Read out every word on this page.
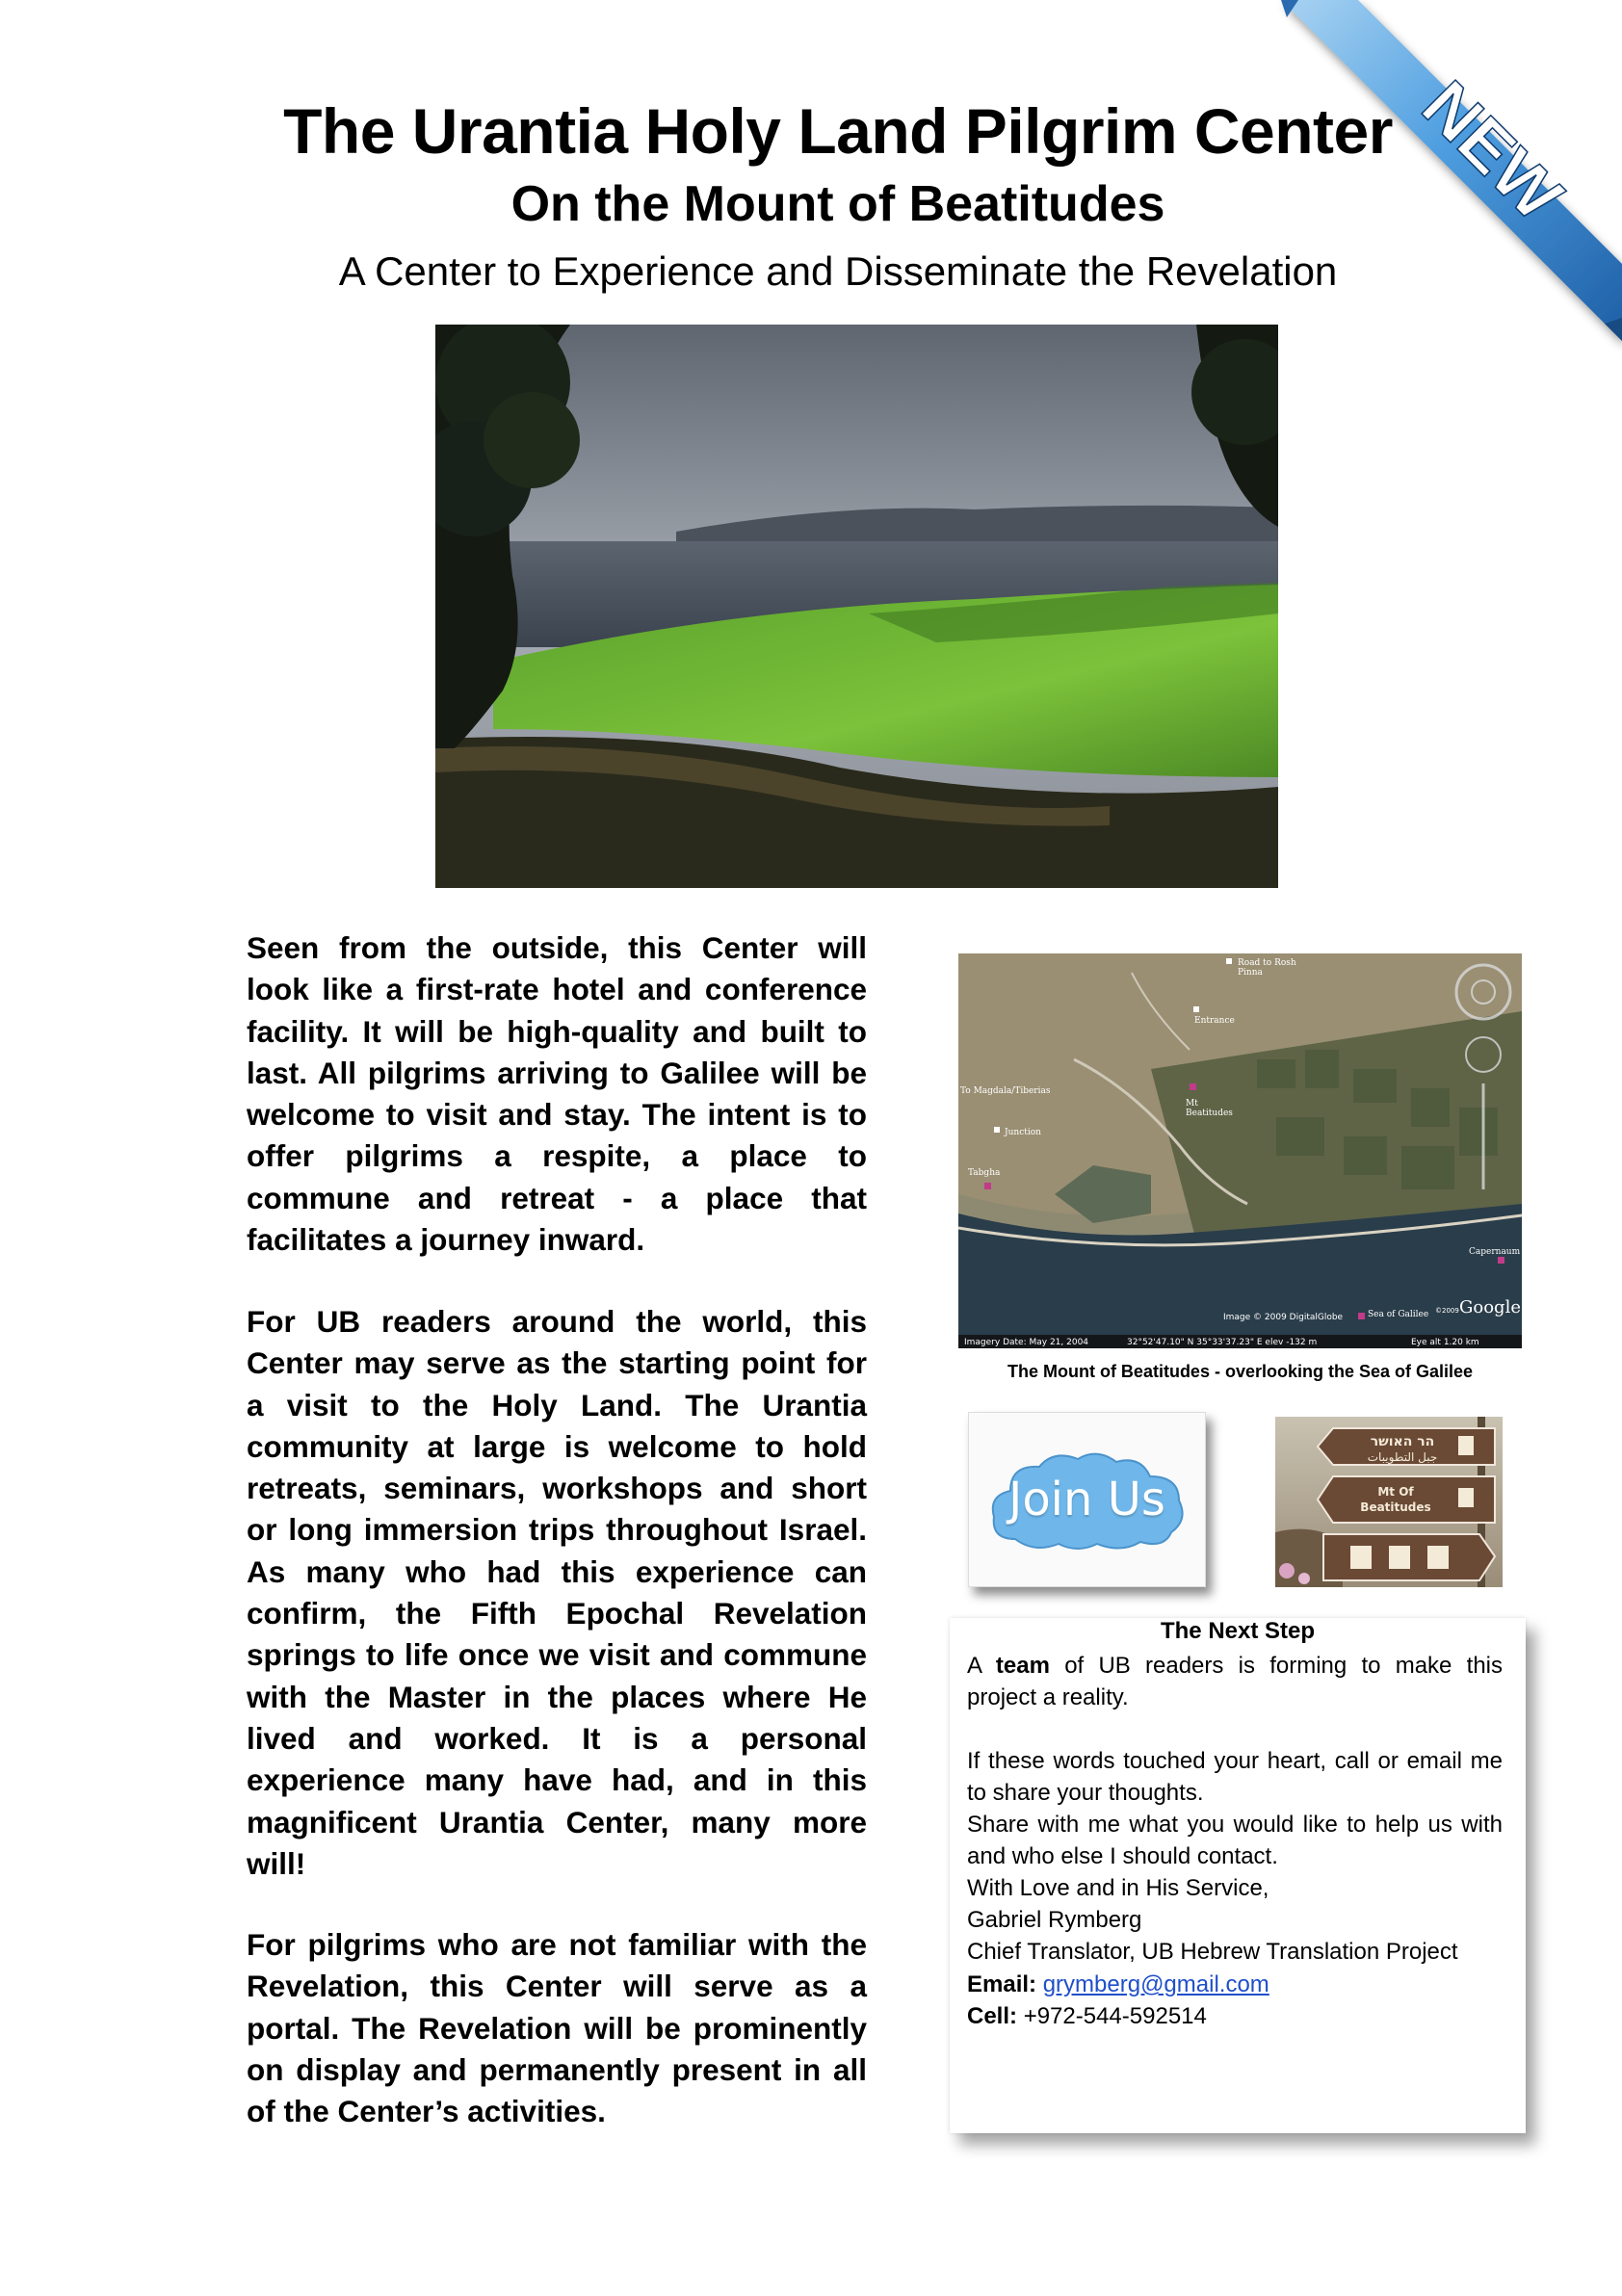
The Urantia Holy Land Pilgrim Center
On the Mount of Beatitudes
A Center to Experience and Disseminate the Revelation
NEW
Seen from the outside, this Center will look like a first-rate hotel and conference facility. It will be high-quality and built to last. All pilgrims arriving to Galilee will be welcome to visit and stay. The intent is to offer pilgrims a respite, a place to commune and retreat - a place that facilitates a journey inward.
For UB readers around the world, this Center may serve as the starting point for a visit to the Holy Land. The Urantia community at large is welcome to hold retreats, seminars, workshops and short or long immersion trips throughout Israel. As many who had this experience can confirm, the Fifth Epochal Revelation springs to life once we visit and commune with the Master in the places where He lived and worked. It is a personal experience many have had, and in this magnificent Urantia Center, many more will!
For pilgrims who are not familiar with the Revelation, this Center will serve as a portal. The Revelation will be prominently on display and permanently present in all of the Center’s activities.
Road to Rosh
Pinna
Entrance
To Magdala/Tiberias
Junction
Mt
Beatitudes
Tabgha
Capernaum
Sea of Galilee
Image © 2009 DigitalGlobe	Google
©2009
Imagery Date: May 21, 2004	32°52'47.10" N 35°33'37.23" E elev -132 m	Eye alt 1.20 km
The Mount of Beatitudes - overlooking the Sea of Galilee
Join Us
הר האושר
جبل التطويبات
Mt Of
Beatitudes
The Next Step
A team of UB readers is forming to make this project a reality.
If these words touched your heart, call or email me to share your thoughts.
Share with me what you would like to help us with and who else I should contact.
With Love and in His Service,
Gabriel Rymberg
Chief Translator, UB Hebrew Translation Project
Email: grymberg@gmail.com
Cell: +972-544-592514
